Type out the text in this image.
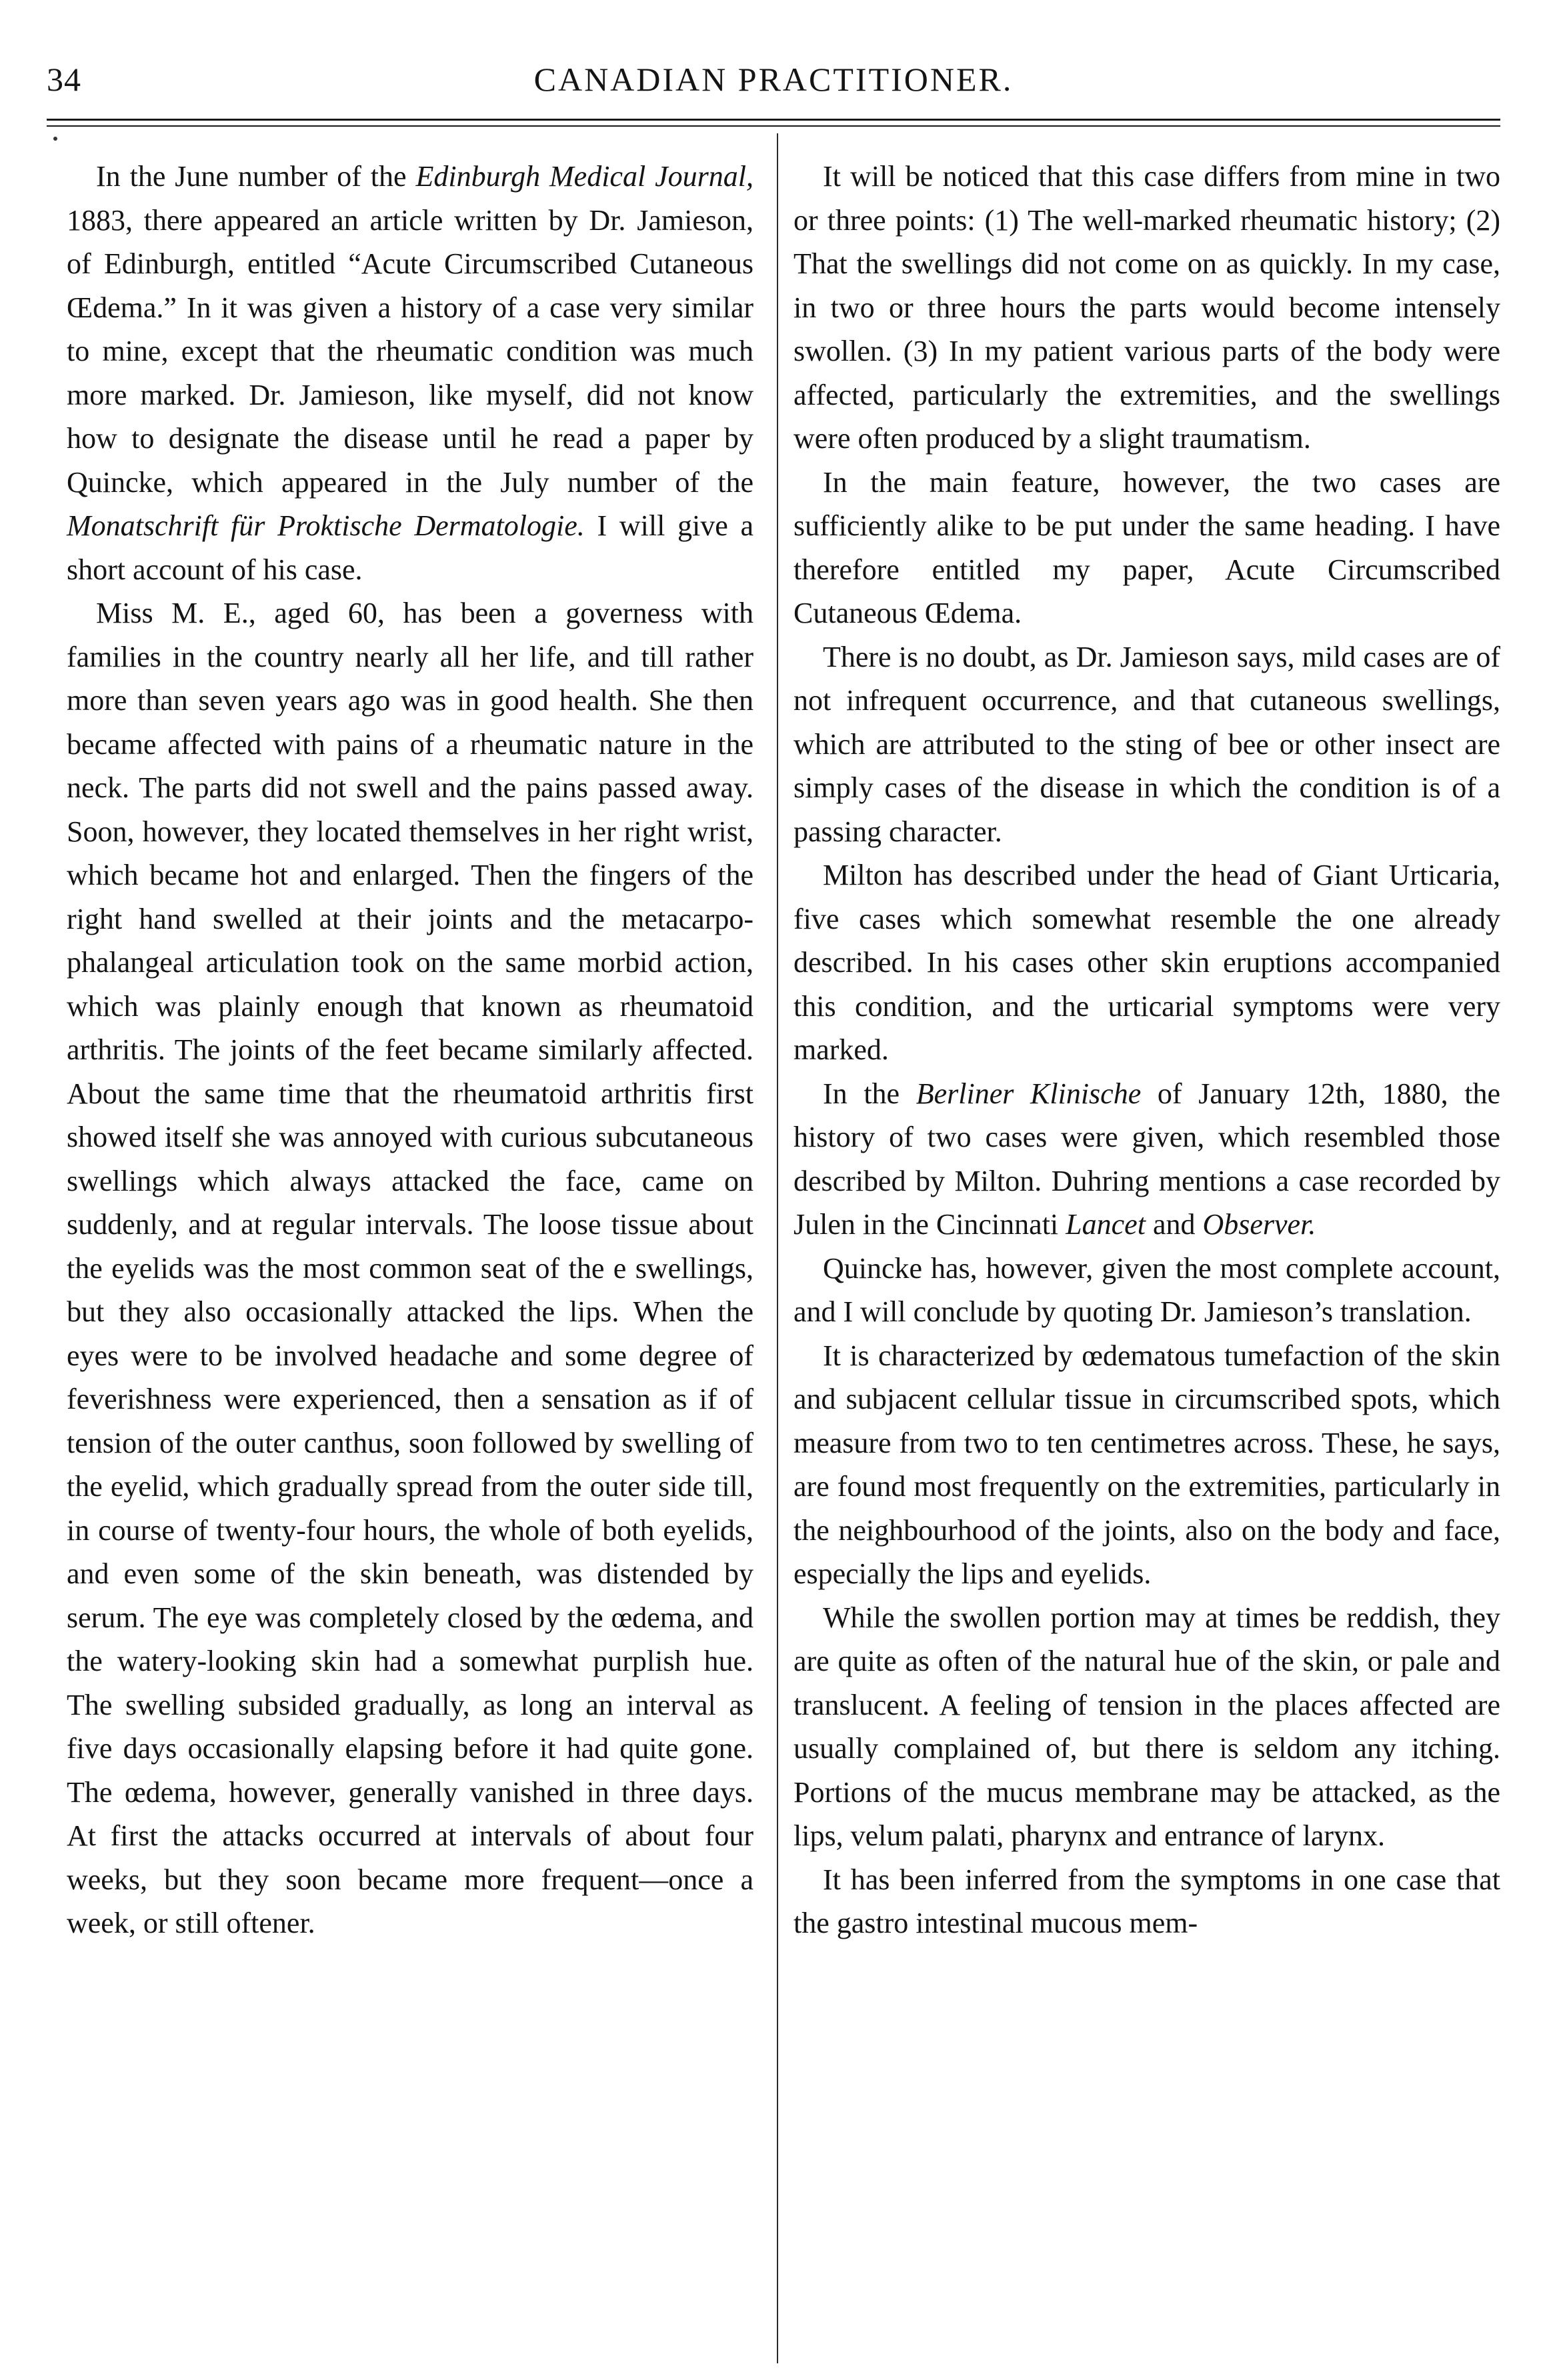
34	CANADIAN PRACTITIONER.

In the June number of the Edinburgh Medical Journal, 1883, there appeared an article written by Dr. Jamieson, of Edinburgh, entitled “Acute Circumscribed Cutaneous Œdema.” In it was given a history of a case very similar to mine, except that the rheumatic condition was much more marked. Dr. Jamieson, like myself, did not know how to designate the disease until he read a paper by Quincke, which appeared in the July number of the Monatschrift für Proktische Dermatologie. I will give a short account of his case.

Miss M. E., aged 60, has been a governess with families in the country nearly all her life, and till rather more than seven years ago was in good health. She then became affected with pains of a rheumatic nature in the neck. The parts did not swell and the pains passed away. Soon, however, they located themselves in her right wrist, which became hot and enlarged. Then the fingers of the right hand swelled at their joints and the metacarpo-phalangeal articulation took on the same morbid action, which was plainly enough that known as rheumatoid arthritis. The joints of the feet became similarly affected. About the same time that the rheumatoid arthritis first showed itself she was annoyed with curious subcutaneous swellings which always attacked the face, came on suddenly, and at regular intervals. The loose tissue about the eyelids was the most common seat of the e swellings, but they also occasionally attacked the lips. When the eyes were to be involved headache and some degree of feverishness were experienced, then a sensation as if of tension of the outer canthus, soon followed by swelling of the eyelid, which gradually spread from the outer side till, in course of twenty-four hours, the whole of both eyelids, and even some of the skin beneath, was distended by serum. The eye was completely closed by the œdema, and the watery-looking skin had a somewhat purplish hue. The swelling subsided gradually, as long an interval as five days occasionally elapsing before it had quite gone. The œdema, however, generally vanished in three days. At first the attacks occurred at intervals of about four weeks, but they soon became more frequent—once a week, or still oftener.

It will be noticed that this case differs from mine in two or three points: (1) The well-marked rheumatic history; (2) That the swellings did not come on as quickly. In my case, in two or three hours the parts would become intensely swollen. (3) In my patient various parts of the body were affected, particularly the extremities, and the swellings were often produced by a slight traumatism.

In the main feature, however, the two cases are sufficiently alike to be put under the same heading. I have therefore entitled my paper, Acute Circumscribed Cutaneous Œdema.

There is no doubt, as Dr. Jamieson says, mild cases are of not infrequent occurrence, and that cutaneous swellings, which are attributed to the sting of bee or other insect are simply cases of the disease in which the condition is of a passing character.

Milton has described under the head of Giant Urticaria, five cases which somewhat resemble the one already described. In his cases other skin eruptions accompanied this condition, and the urticarial symptoms were very marked.

In the Berliner Klinische of January 12th, 1880, the history of two cases were given, which resembled those described by Milton. Duhring mentions a case recorded by Julen in the Cincinnati Lancet and Observer.

Quincke has, however, given the most complete account, and I will conclude by quoting Dr. Jamieson’s translation.

It is characterized by œdematous tumefaction of the skin and subjacent cellular tissue in circumscribed spots, which measure from two to ten centimetres across. These, he says, are found most frequently on the extremities, particularly in the neighbourhood of the joints, also on the body and face, especially the lips and eyelids.

While the swollen portion may at times be reddish, they are quite as often of the natural hue of the skin, or pale and translucent. A feeling of tension in the places affected are usually complained of, but there is seldom any itching. Portions of the mucus membrane may be attacked, as the lips, velum palati, pharynx and entrance of larynx.

It has been inferred from the symptoms in one case that the gastro intestinal mucous mem-
